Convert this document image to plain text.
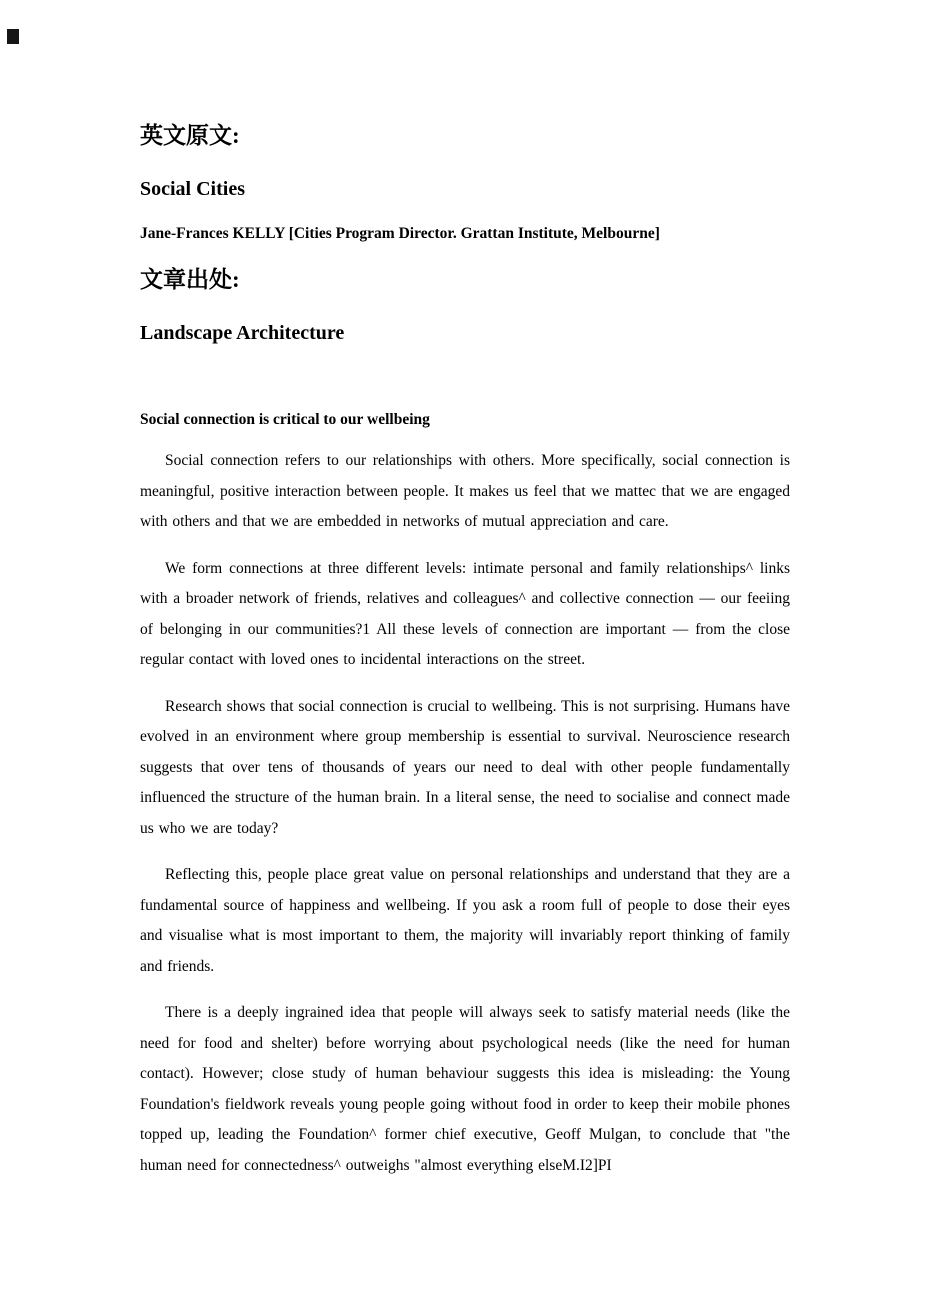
英文原文:

Social Cities

Jane-Frances KELLY [Cities Program Director. Grattan Institute, Melbourne]

文章出处:

Landscape Architecture

Social connection is critical to our wellbeing

Social connection refers to our relationships with others. More specifically, social connection is meaningful, positive interaction between people. It makes us feel that we mattec that we are engaged with others and that we are embedded in networks of mutual appreciation and care.

We form connections at three different levels: intimate personal and family relationships^ links with a broader network of friends, relatives and colleagues^ and collective connection — our feeiing of belonging in our communities?1 All these levels of connection are important — from the close regular contact with loved ones to incidental interactions on the street.

Research shows that social connection is crucial to wellbeing. This is not surprising. Humans have evolved in an environment where group membership is essential to survival. Neuroscience research suggests that over tens of thousands of years our need to deal with other people fundamentally influenced the structure of the human brain. In a literal sense, the need to socialise and connect made us who we are today?

Reflecting this, people place great value on personal relationships and understand that they are a fundamental source of happiness and wellbeing. If you ask a room full of people to dose their eyes and visualise what is most important to them, the majority will invariably report thinking of family and friends.

There is a deeply ingrained idea that people will always seek to satisfy material needs (like the need for food and shelter) before worrying about psychological needs (like the need for human contact). However; close study of human behaviour suggests this idea is misleading: the Young Foundation's fieldwork reveals young people going without food in order to keep their mobile phones topped up, leading the Foundation^ former chief executive, Geoff Mulgan, to conclude that "the human need for connectedness^ outweighs "almost everything elseM.I2]PI
